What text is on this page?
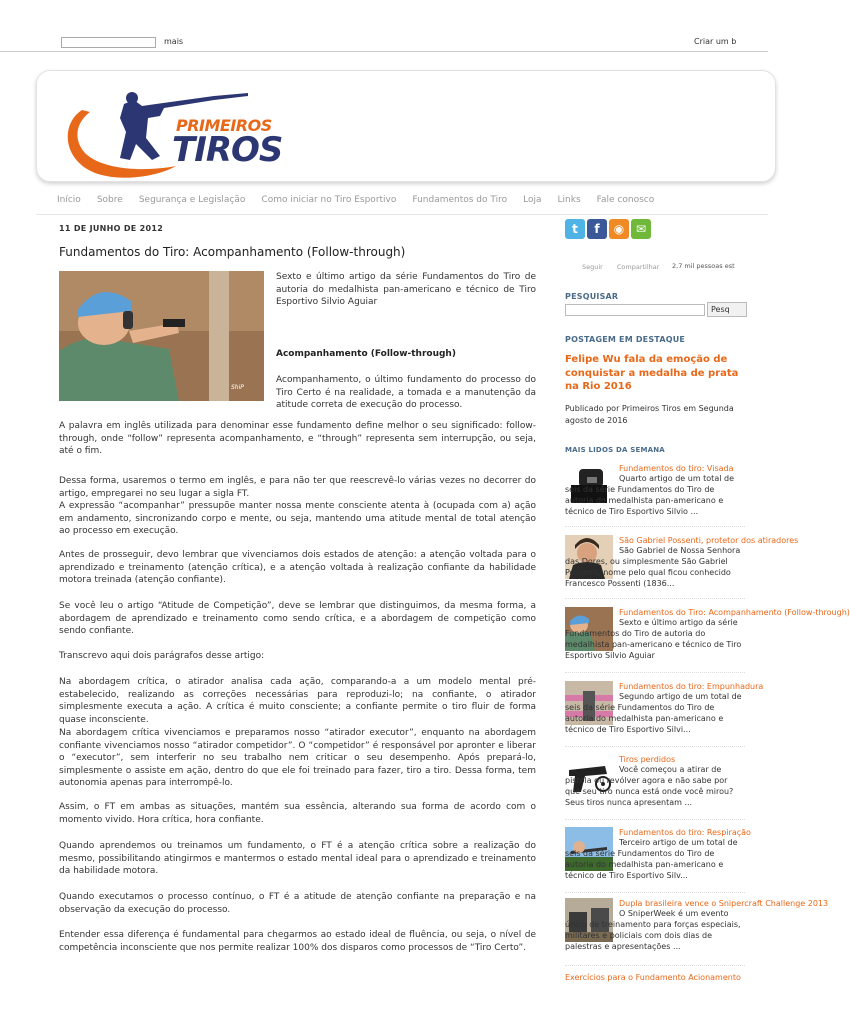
mais	Criar um b
PRIMEIROS
TIROS
Início Sobre Segurança e Legislação Como iniciar no Tiro Esportivo Fundamentos do Tiro Loja Links Fale conosco
11 DE JUNHO DE 2012
Fundamentos do Tiro: Acompanhamento (Follow-through)
ShiP
Sexto e último artigo da série Fundamentos do Tiro de autoria do medalhista pan-americano e técnico de Tiro Esportivo Silvio Aguiar
Acompanhamento (Follow-through)
Acompanhamento, o último fundamento do processo do Tiro Certo é na realidade, a tomada e a manutenção da atitude correta de execução do processo.
A palavra em inglês utilizada para denominar esse fundamento define melhor o seu significado: follow-through, onde “follow” representa acompanhamento, e “through” representa sem interrupção, ou seja, até o fim.
Dessa forma, usaremos o termo em inglês, e para não ter que reescrevê-lo várias vezes no decorrer do artigo, empregarei no seu lugar a sigla FT.
A expressão “acompanhar” pressupõe manter nossa mente consciente atenta à (ocupada com a) ação em andamento, sincronizando corpo e mente, ou seja, mantendo uma atitude mental de total atenção ao processo em execução.
Antes de prosseguir, devo lembrar que vivenciamos dois estados de atenção: a atenção voltada para o aprendizado e treinamento (atenção crítica), e a atenção voltada à realização confiante da habilidade motora treinada (atenção confiante).
Se você leu o artigo “Atitude de Competição”, deve se lembrar que distinguimos, da mesma forma, a abordagem de aprendizado e treinamento como sendo crítica, e a abordagem de competição como sendo confiante.
Transcrevo aqui dois parágrafos desse artigo:
Na abordagem crítica, o atirador analisa cada ação, comparando-a a um modelo mental pré-estabelecido, realizando as correções necessárias para reproduzi-lo; na confiante, o atirador simplesmente executa a ação. A crítica é muito consciente; a confiante permite o tiro fluir de forma quase inconsciente.
Na abordagem crítica vivenciamos e preparamos nosso “atirador executor”, enquanto na abordagem confiante vivenciamos nosso “atirador competidor”. O “competidor” é responsável por apronter e liberar o “executor”, sem interferir no seu trabalho nem criticar o seu desempenho. Após prepará-lo, simplesmente o assiste em ação, dentro do que ele foi treinado para fazer, tiro a tiro. Dessa forma, tem autonomia apenas para interrompê-lo.
Assim, o FT em ambas as situações, mantém sua essência, alterando sua forma de acordo com o momento vivido. Hora crítica, hora confiante.
Quando aprendemos ou treinamos um fundamento, o FT é a atenção crítica sobre a realização do mesmo, possibilitando atingirmos e mantermos o estado mental ideal para o aprendizado e treinamento da habilidade motora.
Quando executamos o processo contínuo, o FT é a atitude de atenção confiante na preparação e na observação da execução do processo.
Entender essa diferença é fundamental para chegarmos ao estado ideal de fluência, ou seja, o nível de competência inconsciente que nos permite realizar 100% dos disparos como processos de “Tiro Certo”.
t	f	◉ ✉
Seguir Compartilhar	2,7 mil pessoas est
PESQUISAR
Pesq
POSTAGEM EM DESTAQUE
Felipe Wu fala da emoção de conquistar a medalha de prata na Rio 2016
Publicado por Primeiros Tiros em Segunda agosto de 2016
MAIS LIDOS DA SEMANA
Fundamentos do tiro: Visada
Quarto artigo de um total de seis da série Fundamentos do Tiro de autoria do medalhista pan-americano e técnico de Tiro Esportivo Silvio ...
São Gabriel Possenti, protetor dos atiradores
São Gabriel de Nossa Senhora das Dores, ou simplesmente São Gabriel Possenti, nome pelo qual ficou conhecido Francesco Possenti (1836...
Fundamentos do Tiro: Acompanhamento (Follow-through)
Sexto e último artigo da série Fundamentos do Tiro de autoria do medalhista pan-americano e técnico de Tiro Esportivo Silvio Aguiar
Fundamentos do tiro: Empunhadura
Segundo artigo de um total de seis da série Fundamentos do Tiro de autoria do medalhista pan-americano e técnico de Tiro Esportivo Silvi...
Tiros perdidos
Você começou a atirar de pistola ou revólver agora e não sabe por que seu tiro nunca está onde você mirou? Seus tiros nunca apresentam ...
Fundamentos do tiro: Respiração
Terceiro artigo de um total de seis da série Fundamentos do Tiro de autoria do medalhista pan-americano e técnico de Tiro Esportivo Silv...
Dupla brasileira vence o Snipercraft Challenge 2013
O SniperWeek é um evento único de treinamento para forças especiais, militares e policiais com dois dias de palestras e apresentações ...
Exercícios para o Fundamento Acionamento
